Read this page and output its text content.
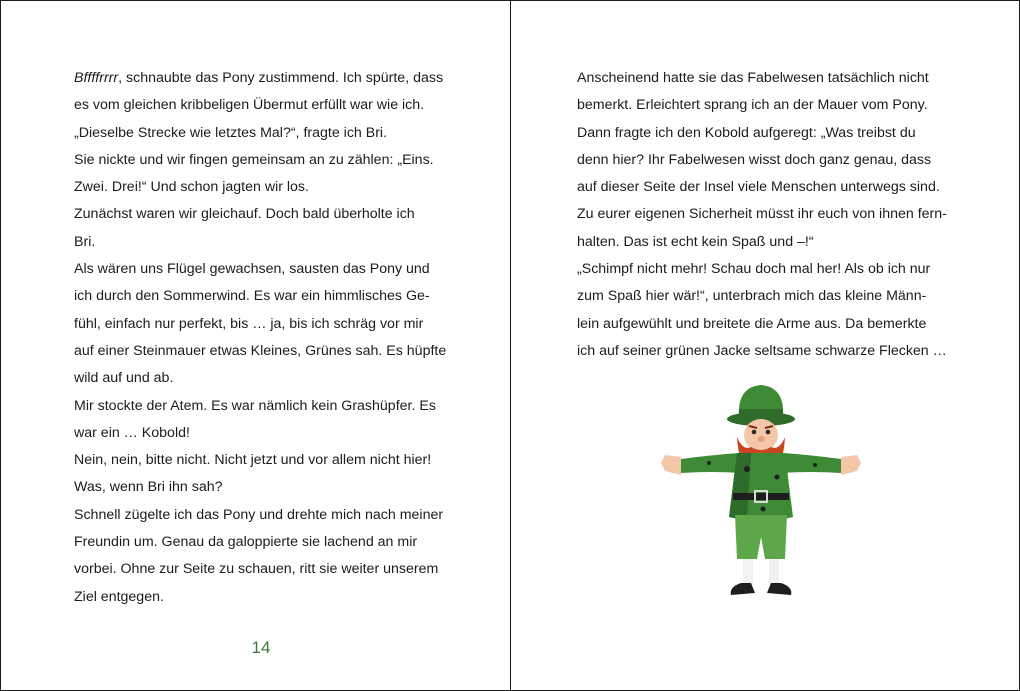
Bffffrrrr, schnaubte das Pony zustimmend. Ich spürte, dass
es vom gleichen kribbeligen Übermut erfüllt war wie ich.
„Dieselbe Strecke wie letztes Mal?“, fragte ich Bri.
Sie nickte und wir fingen gemeinsam an zu zählen: „Eins.
Zwei. Drei!“ Und schon jagten wir los.
Zunächst waren wir gleichauf. Doch bald überholte ich
Bri.
Als wären uns Flügel gewachsen, sausten das Pony und
ich durch den Sommerwind. Es war ein himmlisches Ge-
fühl, einfach nur perfekt, bis … ja, bis ich schräg vor mir
auf einer Steinmauer etwas Kleines, Grünes sah. Es hüpfte
wild auf und ab.
Mir stockte der Atem. Es war nämlich kein Grashüpfer. Es
war ein … Kobold!
Nein, nein, bitte nicht. Nicht jetzt und vor allem nicht hier!
Was, wenn Bri ihn sah?
Schnell zügelte ich das Pony und drehte mich nach meiner
Freundin um. Genau da galoppierte sie lachend an mir
vorbei. Ohne zur Seite zu schauen, ritt sie weiter unserem
Ziel entgegen.
14
Anscheinend hatte sie das Fabelwesen tatsächlich nicht
bemerkt. Erleichtert sprang ich an der Mauer vom Pony.
Dann fragte ich den Kobold aufgeregt: „Was treibst du
denn hier? Ihr Fabelwesen wisst doch ganz genau, dass
auf dieser Seite der Insel viele Menschen unterwegs sind.
Zu eurer eigenen Sicherheit müsst ihr euch von ihnen fern-
halten. Das ist echt kein Spaß und –!“
„Schimpf nicht mehr! Schau doch mal her! Als ob ich nur
zum Spaß hier wär!“, unterbrach mich das kleine Männ-
lein aufgewühlt und breitete die Arme aus. Da bemerkte
ich auf seiner grünen Jacke seltsame schwarze Flecken …
